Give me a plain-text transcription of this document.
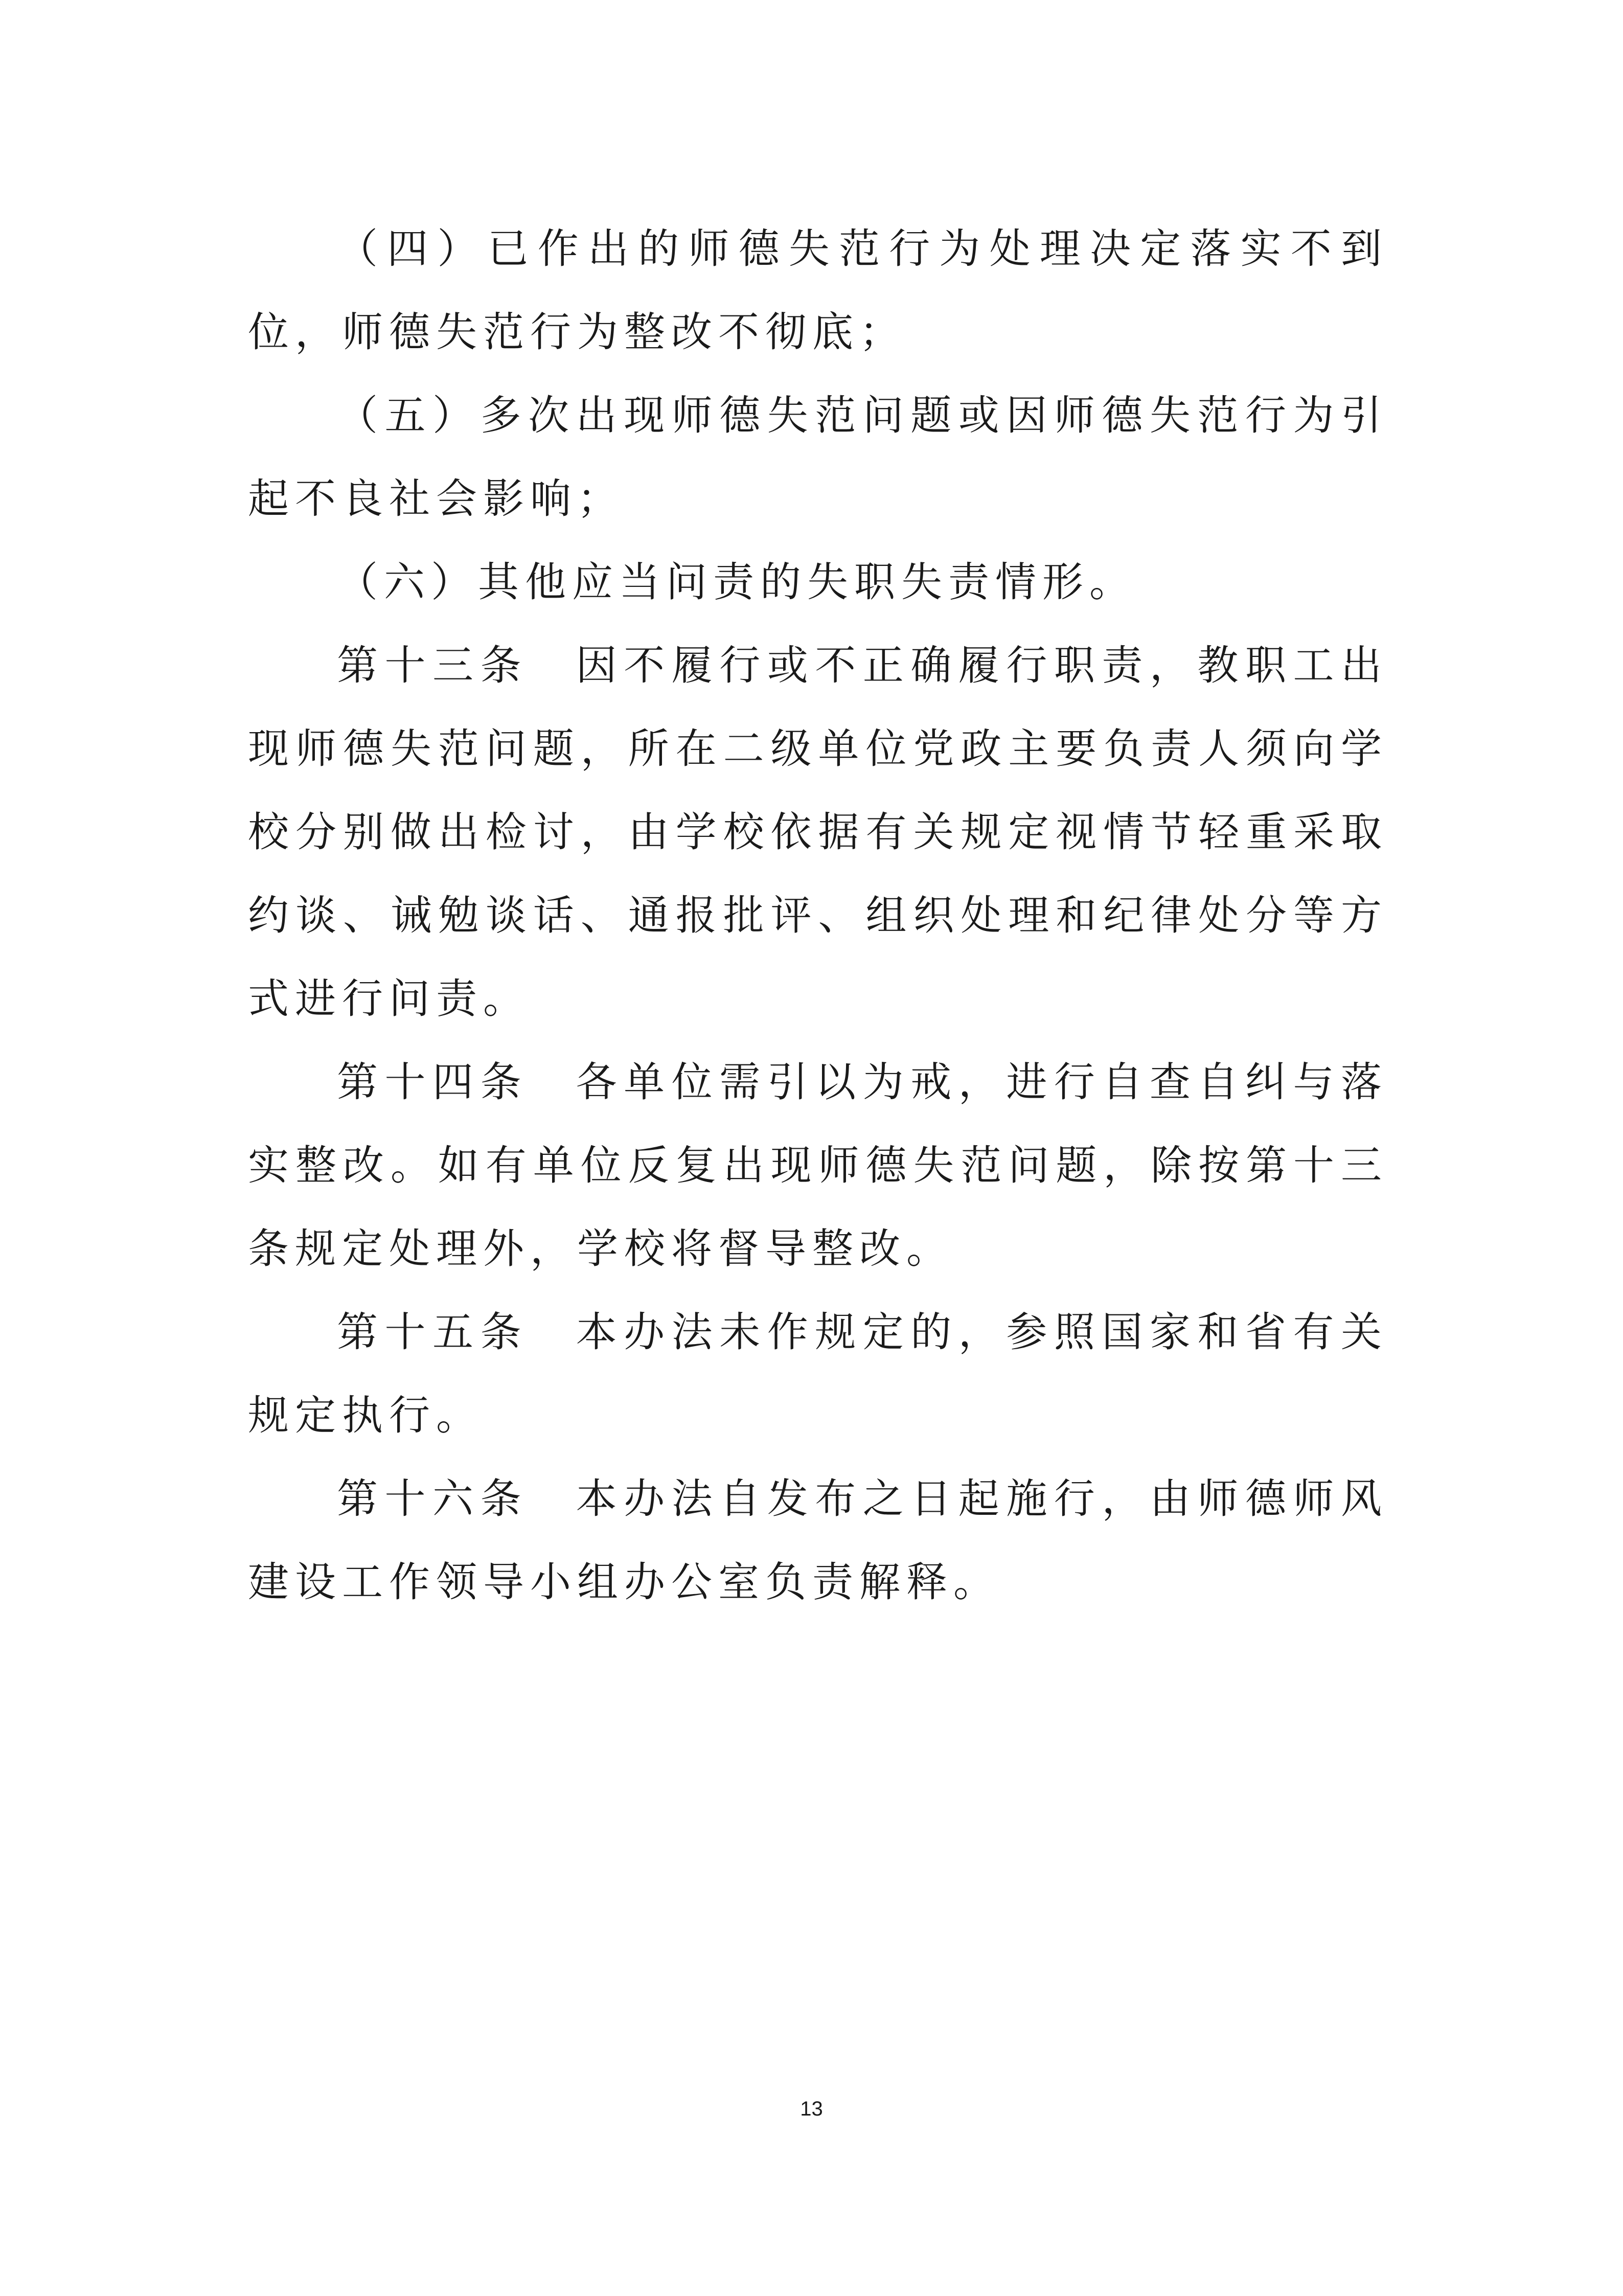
（四）已作出的师德失范行为处理决定落实不到位，师德失范行为整改不彻底；

（五）多次出现师德失范问题或因师德失范行为引起不良社会影响；

（六）其他应当问责的失职失责情形。

第十三条　因不履行或不正确履行职责，教职工出现师德失范问题，所在二级单位党政主要负责人须向学校分别做出检讨，由学校依据有关规定视情节轻重采取约谈、诫勉谈话、通报批评、组织处理和纪律处分等方式进行问责。

第十四条　各单位需引以为戒，进行自查自纠与落实整改。如有单位反复出现师德失范问题，除按第十三条规定处理外，学校将督导整改。

第十五条　本办法未作规定的，参照国家和省有关规定执行。

第十六条　本办法自发布之日起施行，由师德师风建设工作领导小组办公室负责解释。

13
